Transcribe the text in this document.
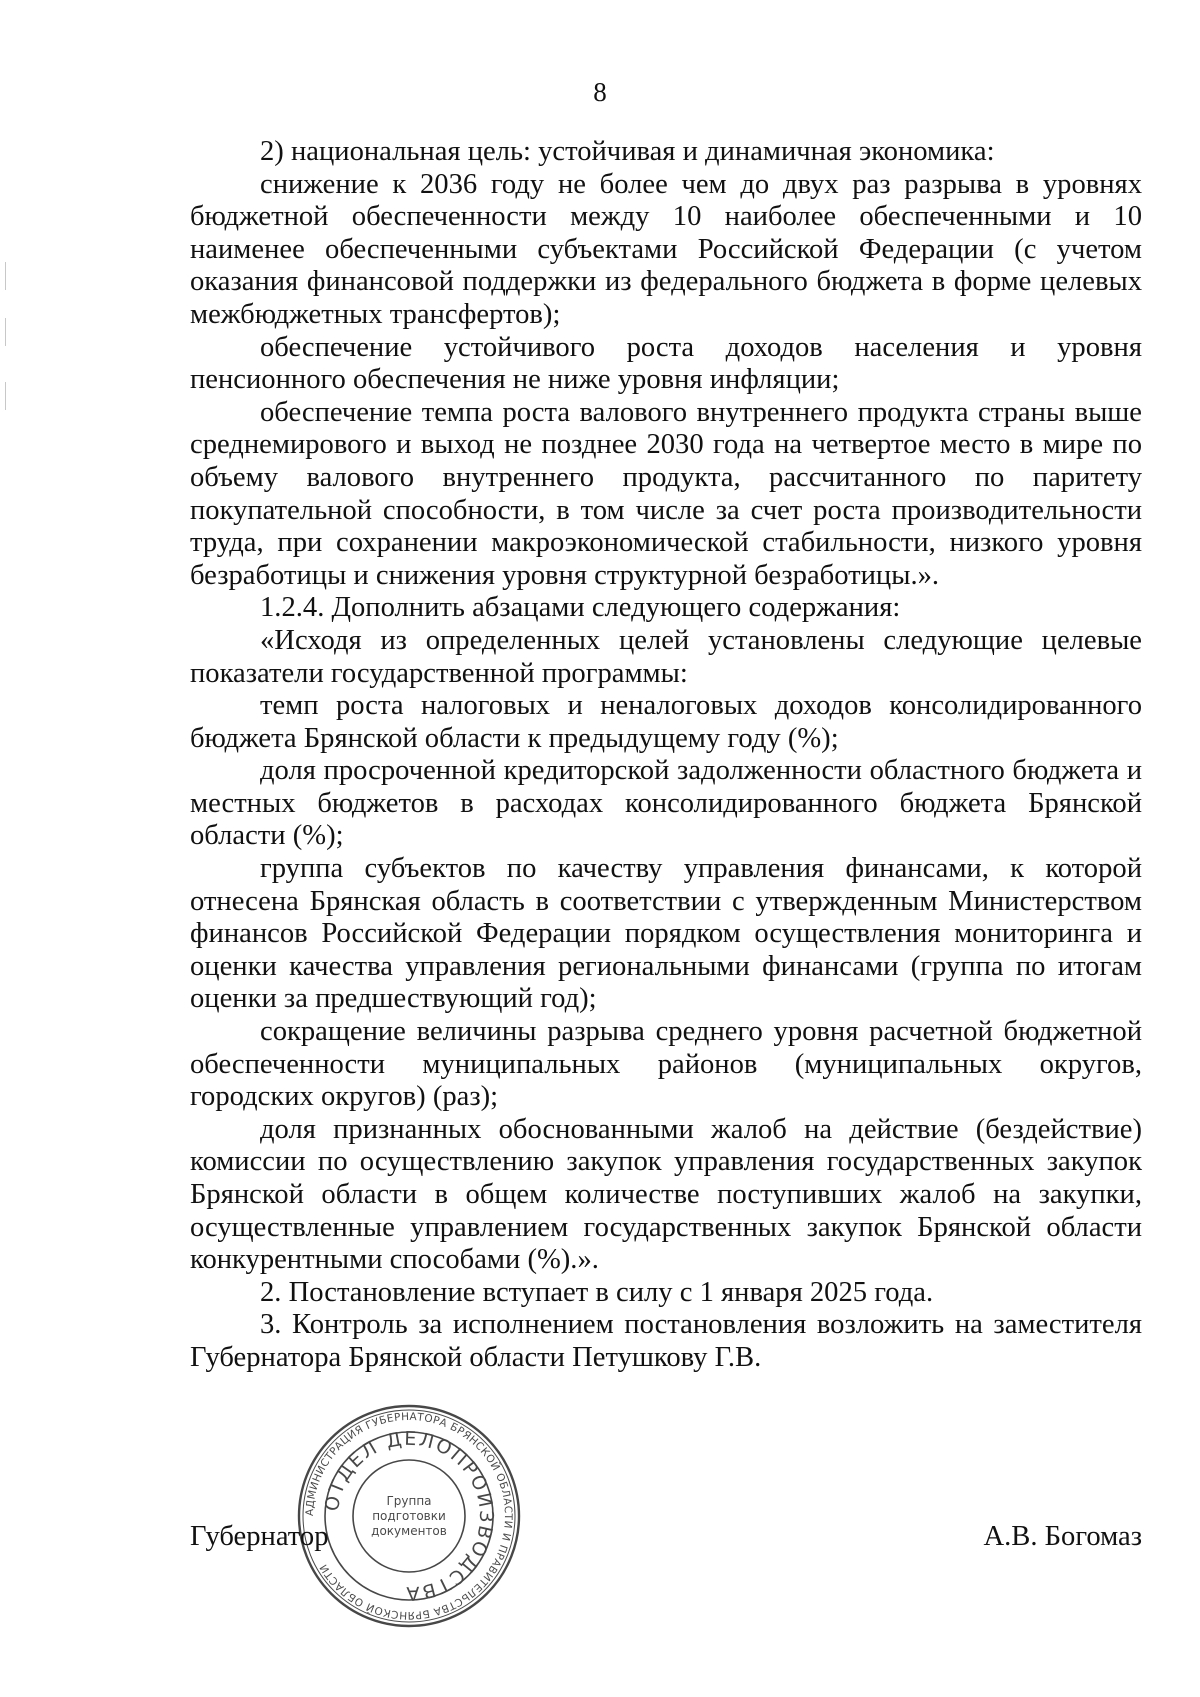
8

2) национальная цель: устойчивая и динамичная экономика:

снижение к 2036 году не более чем до двух раз разрыва в уровнях бюджетной обеспеченности между 10 наиболее обеспеченными и 10 наименее обеспеченными субъектами Российской Федерации (с учетом оказания финансовой поддержки из федерального бюджета в форме целевых межбюджетных трансфертов);

обеспечение устойчивого роста доходов населения и уровня пенсионного обеспечения не ниже уровня инфляции;

обеспечение темпа роста валового внутреннего продукта страны выше среднемирового и выход не позднее 2030 года на четвертое место в мире по объему валового внутреннего продукта, рассчитанного по паритету покупательной способности, в том числе за счет роста производительности труда, при сохранении макроэкономической стабильности, низкого уровня безработицы и снижения уровня структурной безработицы.».

1.2.4. Дополнить абзацами следующего содержания:

«Исходя из определенных целей установлены следующие целевые показатели государственной программы:

темп роста налоговых и неналоговых доходов консолидированного бюджета Брянской области к предыдущему году (%);

доля просроченной кредиторской задолженности областного бюджета и местных бюджетов в расходах консолидированного бюджета Брянской области (%);

группа субъектов по качеству управления финансами, к которой отнесена Брянская область в соответствии с утвержденным Министерством финансов Российской Федерации порядком осуществления мониторинга и оценки качества управления региональными финансами (группа по итогам оценки за предшествующий год);

сокращение величины разрыва среднего уровня расчетной бюджетной обеспеченности муниципальных районов (муниципальных округов, городских округов) (раз);

доля признанных обоснованными жалоб на действие (бездействие) комиссии по осуществлению закупок управления государственных закупок Брянской области в общем количестве поступивших жалоб на закупки, осуществленные управлением государственных закупок Брянской области конкурентными способами (%).».

2. Постановление вступает в силу с 1 января 2025 года.

3. Контроль за исполнением постановления возложить на заместителя Губернатора Брянской области Петушкову Г.В.

Губернатор	А.В. Богомаз
АДМИНИСТРАЦИЯ ГУБЕРНАТОРА БРЯНСКОЙ ОБЛАСТИ И ПРАВИТЕЛЬСТВА БРЯНСКОЙ ОБЛАСТИ
ОТДЕЛ ДЕЛОПРОИЗВОДСТВА
Группа
подготовки
документов
